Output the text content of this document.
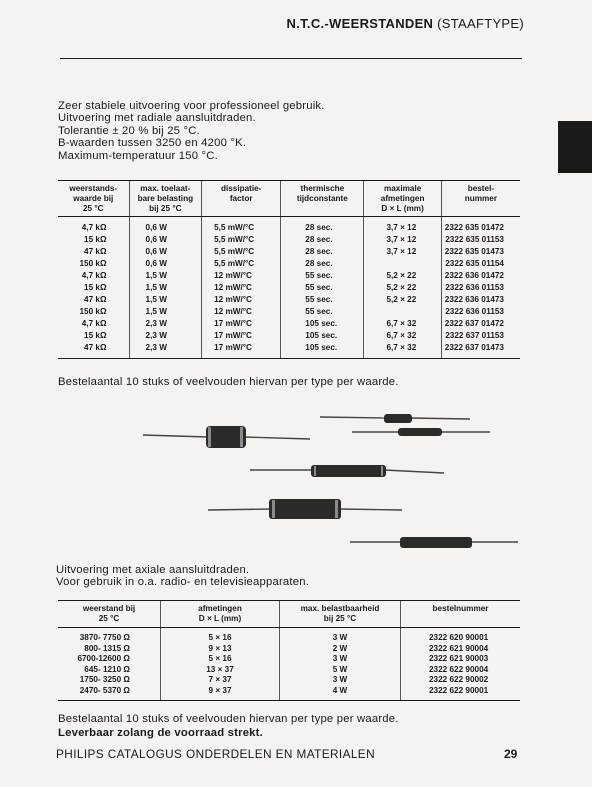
N.T.C.-WEERSTANDEN (STAAFTYPE)
Zeer stabiele uitvoering voor professioneel gebruik.
Uitvoering met radiale aansluitdraden.
Tolerantie ± 20 % bij 25 °C.
B-waarden tussen 3250 en 4200 °K.
Maximum-temperatuur 150 °C.
weerstands-
waarde bij
25 °C	max. toelaat-
bare belasting
bij 25 °C	dissipatie-
factor	thermische
tijdconstante	maximale
afmetingen
D × L (mm)	bestel-
nummer
4,7 kΩ	0,6 W	5,5 mW/°C	28 sec.	3,7 × 12	2322 635 01472
15 kΩ	0,6 W	5,5 mW/°C	28 sec.	3,7 × 12	2322 635 01153
47 kΩ	0,6 W	5,5 mW/°C	28 sec.	3,7 × 12	2322 635 01473
150 kΩ	0,6 W	5,5 mW/°C	28 sec.		2322 635 01154
4,7 kΩ	1,5 W	12 mW/°C	55 sec.	5,2 × 22	2322 636 01472
15 kΩ	1,5 W	12 mW/°C	55 sec.	5,2 × 22	2322 636 01153
47 kΩ	1,5 W	12 mW/°C	55 sec.	5,2 × 22	2322 636 01473
150 kΩ	1,5 W	12 mW/°C	55 sec.		2322 636 01153
4,7 kΩ	2,3 W	17 mW/°C	105 sec.	6,7 × 32	2322 637 01472
15 kΩ	2,3 W	17 mW/°C	105 sec.	6,7 × 32	2322 637 01153
47 kΩ	2,3 W	17 mW/°C	105 sec.	6,7 × 32	2322 637 01473
Bestelaantal 10 stuks of veelvouden hiervan per type per waarde.
Uitvoering met axiale aansluitdraden.
Voor gebruik in o.a. radio- en televisieapparaten.
weerstand bij
25 °C	afmetingen
D × L (mm)	max. belastbaarheid
bij 25 °C	bestelnummer
3870- 7750 Ω	5 × 16	3 W	2322 620 90001
800- 1315 Ω	9 × 13	2 W	2322 621 90004
6700-12600 Ω	5 × 16	3 W	2322 621 90003
645- 1210 Ω	13 × 37	5 W	2322 622 90004
1750- 3250 Ω	7 × 37	3 W	2322 622 90002
2470- 5370 Ω	9 × 37	4 W	2322 622 90001
Bestelaantal 10 stuks of veelvouden hiervan per type per waarde.
Leverbaar zolang de voorraad strekt.
PHILIPS CATALOGUS ONDERDELEN EN MATERIALEN	29
